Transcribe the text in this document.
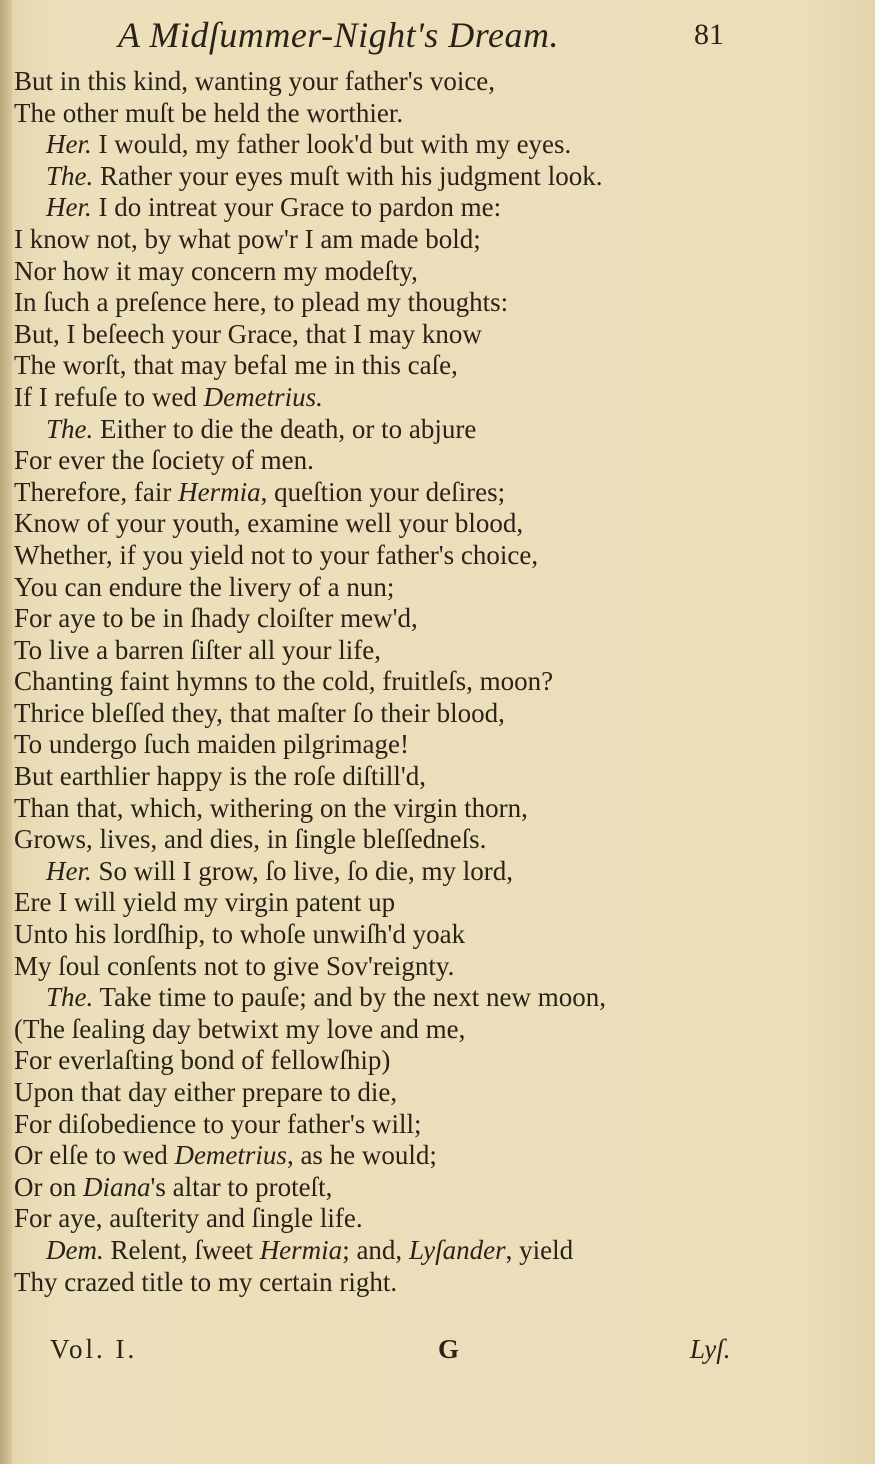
A Midſummer-Night's Dream.	81
But in this kind, wanting your father's voice,
The other muſt be held the worthier.
Her. I would, my father look'd but with my eyes.
The. Rather your eyes muſt with his judgment look.
Her. I do intreat your Grace to pardon me:
I know not, by what pow'r I am made bold;
Nor how it may concern my modeſty,
In ſuch a preſence here, to plead my thoughts:
But, I beſeech your Grace, that I may know
The worſt, that may befal me in this caſe,
If I refuſe to wed Demetrius.
The. Either to die the death, or to abjure
For ever the ſociety of men.
Therefore, fair Hermia, queſtion your deſires;
Know of your youth, examine well your blood,
Whether, if you yield not to your father's choice,
You can endure the livery of a nun;
For aye to be in ſhady cloiſter mew'd,
To live a barren ſiſter all your life,
Chanting faint hymns to the cold, fruitleſs, moon?
Thrice bleſſed they, that maſter ſo their blood,
To undergo ſuch maiden pilgrimage!
But earthlier happy is the roſe diſtill'd,
Than that, which, withering on the virgin thorn,
Grows, lives, and dies, in ſingle bleſſedneſs.
Her. So will I grow, ſo live, ſo die, my lord,
Ere I will yield my virgin patent up
Unto his lordſhip, to whoſe unwiſh'd yoak
My ſoul conſents not to give Sov'reignty.
The. Take time to pauſe; and by the next new moon,
(The ſealing day betwixt my love and me,
For everlaſting bond of fellowſhip)
Upon that day either prepare to die,
For diſobedience to your father's will;
Or elſe to wed Demetrius, as he would;
Or on Diana's altar to proteſt,
For aye, auſterity and ſingle life.
Dem. Relent, ſweet Hermia; and, Lyſander, yield
Thy crazed title to my certain right.
Vol. I.	G	Lyſ.
